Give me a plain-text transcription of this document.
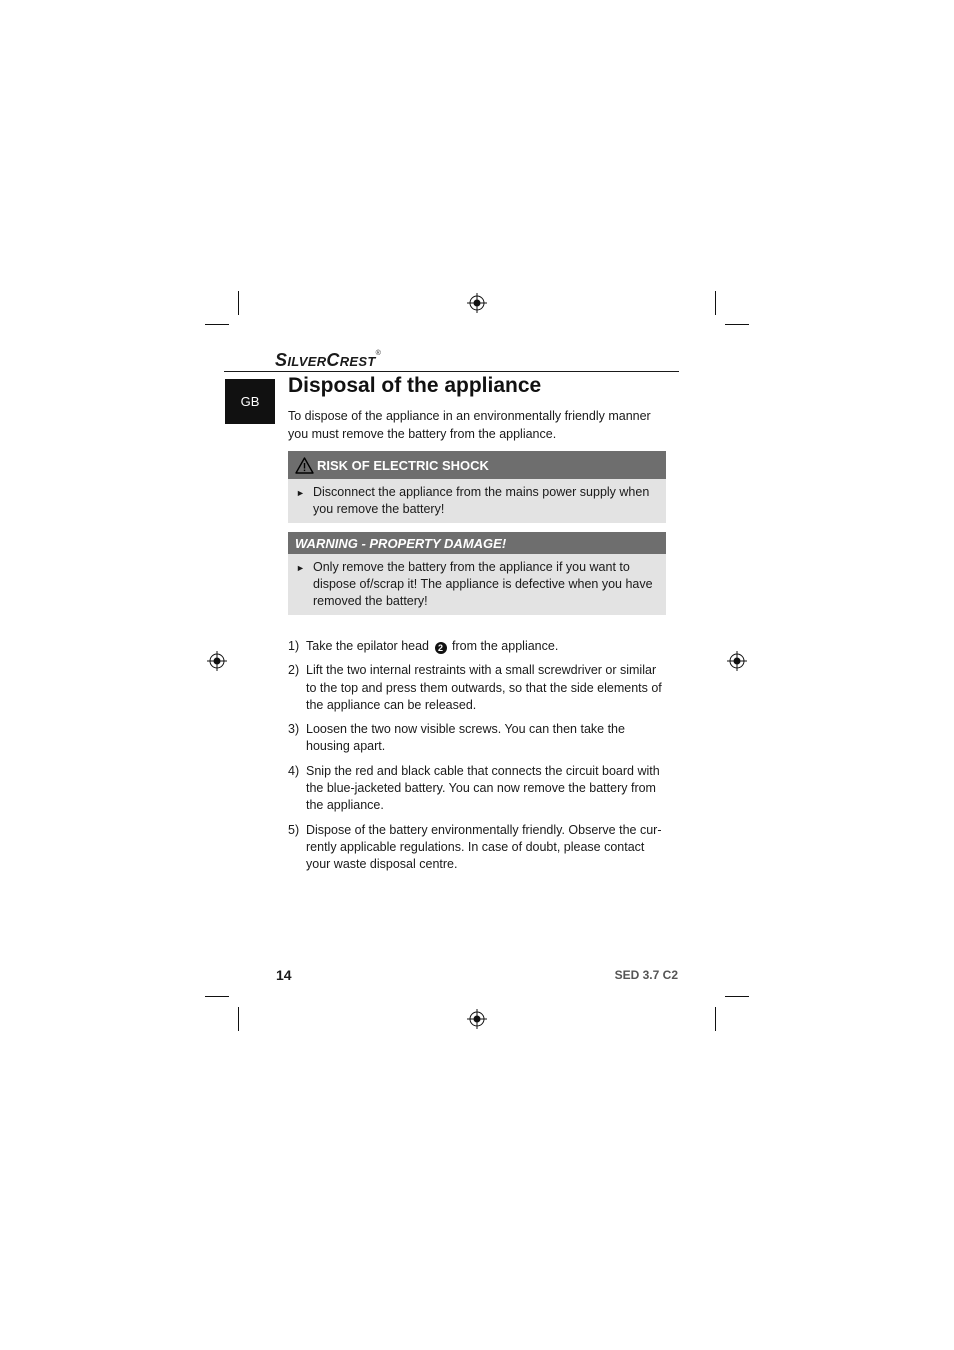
SILVERCREST®
GB
Disposal of the appliance
To dispose of the appliance in an environmentally friendly manner you must remove the battery from the appliance.
RISK OF ELECTRIC SHOCK
► Disconnect the appliance from the mains power supply when you remove the battery!
WARNING - PROPERTY DAMAGE!
► Only remove the battery from the appliance if you want to dispose of/scrap it! The appliance is defective when you have removed the battery!
1) Take the epilator head 2 from the appliance.
2) Lift the two internal restraints with a small screwdriver or similar to the top and press them outwards, so that the side elements of the appliance can be released.
3) Loosen the two now visible screws. You can then take the housing apart.
4) Snip the red and black cable that connects the circuit board with the blue-jacketed battery. You can now remove the battery from the appliance.
5) Dispose of the battery environmentally friendly. Observe the cur-rently applicable regulations. In case of doubt, please contact your waste disposal centre.
14	SED 3.7 C2
